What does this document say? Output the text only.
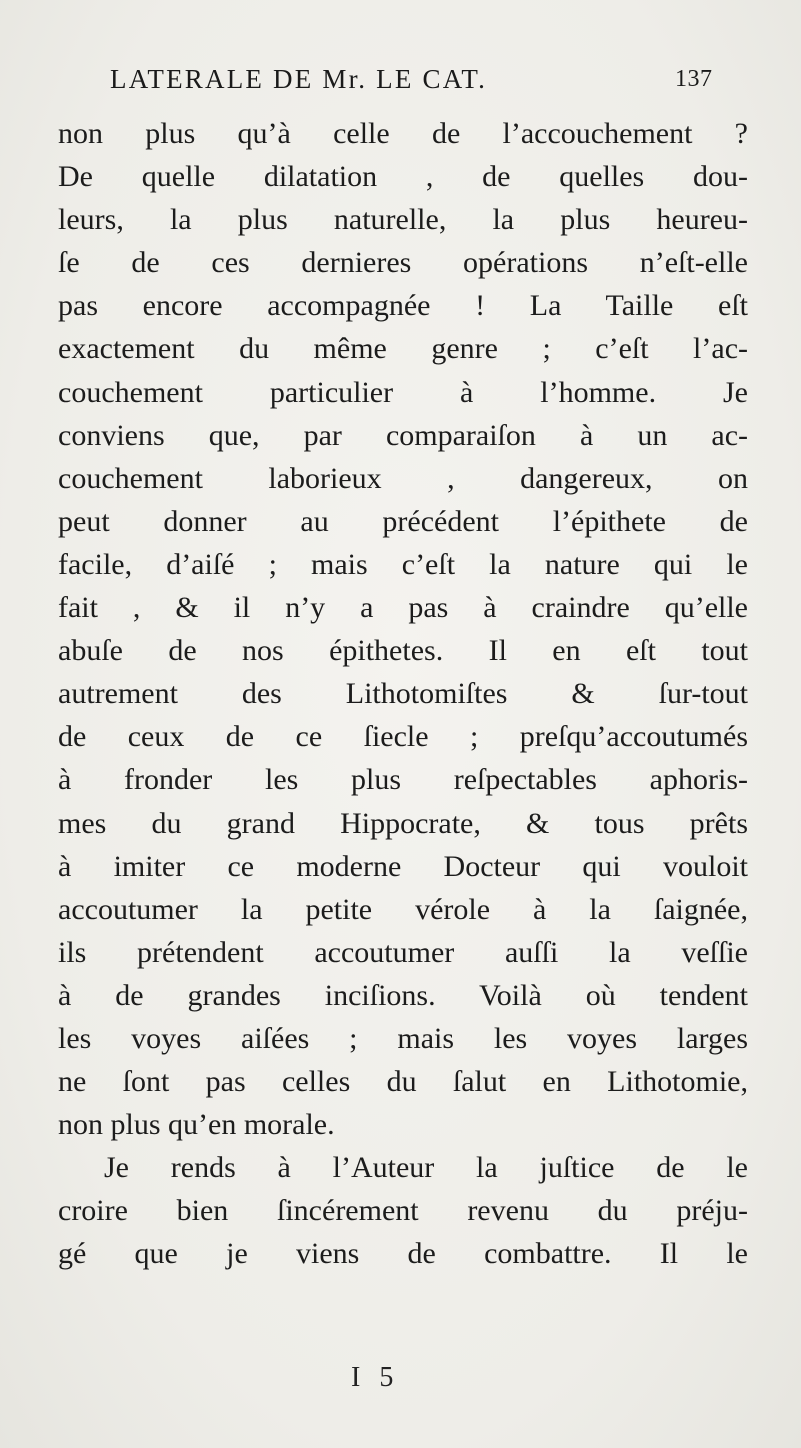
LATERALE DE Mr. LE CAT.	137
non plus qu’à celle de l’accouchement ?
De quelle dilatation , de quelles dou-
leurs, la plus naturelle, la plus heureu-
ſe de ces dernieres opérations n’eſt-elle
pas encore accompagnée ! La Taille eſt
exactement du même genre ; c’eſt l’ac-
couchement particulier à l’homme. Je
conviens que, par comparaiſon à un ac-
couchement laborieux , dangereux, on
peut donner au précédent l’épithete de
facile, d’aiſé ; mais c’eſt la nature qui le
fait , & il n’y a pas à craindre qu’elle
abuſe de nos épithetes. Il en eſt tout
autrement des Lithotomiſtes & ſur-tout
de ceux de ce ſiecle ; preſqu’accoutumés
à fronder les plus reſpectables aphoris-
mes du grand Hippocrate, & tous prêts
à imiter ce moderne Docteur qui vouloit
accoutumer la petite vérole à la ſaignée,
ils prétendent accoutumer auſſi la veſſie
à de grandes inciſions. Voilà où tendent
les voyes aiſées ; mais les voyes larges
ne ſont pas celles du ſalut en Lithotomie,
non plus qu’en morale.
Je rends à l’Auteur la juſtice de le
croire bien ſincérement revenu du préju-
gé que je viens de combattre. Il le
I 5
